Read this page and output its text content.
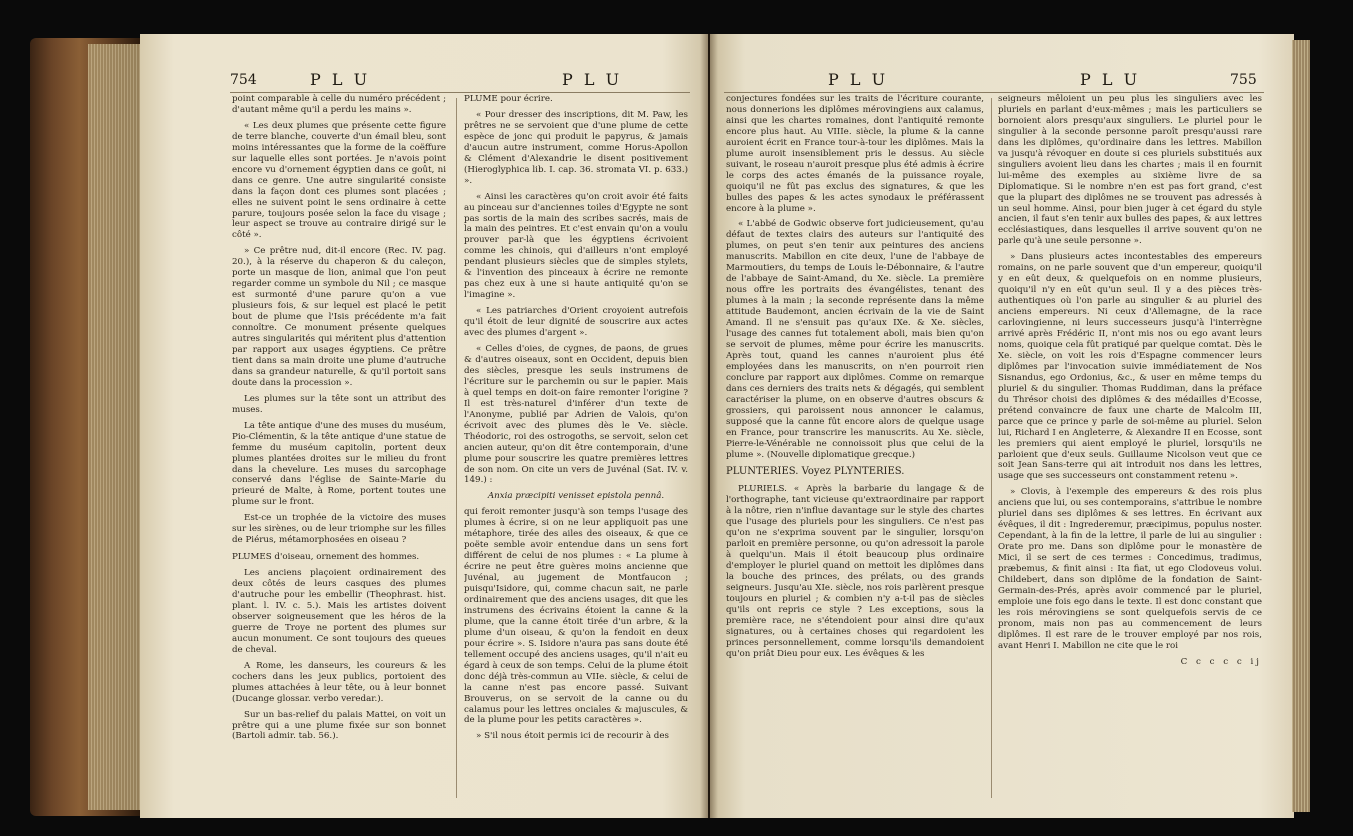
754	P L U	P L U

point comparable à celle du numéro précédent ; d'autant même qu'il a perdu les mains ».

« Les deux plumes que présente cette figure de terre blanche, couverte d'un émail bleu, sont moins intéressantes que la forme de la coëffure sur laquelle elles sont portées. Je n'avois point encore vu d'ornement égyptien dans ce goût, ni dans ce genre. Une autre singularité consiste dans la façon dont ces plumes sont placées ; elles ne suivent point le sens ordinaire à cette parure, toujours posée selon la face du visage ; leur aspect se trouve au contraire dirigé sur le côté ».

» Ce prêtre nud, dit-il encore (Rec. IV. pag. 20.), à la réserve du chaperon & du caleçon, porte un masque de lion, animal que l'on peut regarder comme un symbole du Nil ; ce masque est surmonté d'une parure qu'on a vue plusieurs fois, & sur lequel est placé le petit bout de plume que l'Isis précédente m'a fait connoître. Ce monument présente quelques autres singularités qui méritent plus d'attention par rapport aux usages égyptiens. Ce prêtre tient dans sa main droite une plume d'autruche dans sa grandeur naturelle, & qu'il portoit sans doute dans la procession ».

Les plumes sur la tête sont un attribut des muses.

La tête antique d'une des muses du muséum, Pio-Clémentin, & la tête antique d'une statue de femme du muséum capitolin, portent deux plumes plantées droites sur le milieu du front dans la chevelure. Les muses du sarcophage conservé dans l'église de Sainte-Marie du prieuré de Malte, à Rome, portent toutes une plume sur le front.

Est-ce un trophée de la victoire des muses sur les sirènes, ou de leur triomphe sur les filles de Piérus, métamorphosées en oiseau ?

PLUMES d'oiseau, ornement des hommes.

Les anciens plaçoient ordinairement des deux côtés de leurs casques des plumes d'autruche pour les embellir (Theophrast. hist. plant. l. IV. c. 5.). Mais les artistes doivent observer soigneusement que les héros de la guerre de Troye ne portent des plumes sur aucun monument. Ce sont toujours des queues de cheval.

A Rome, les danseurs, les coureurs & les cochers dans les jeux publics, portoient des plumes attachées à leur tête, ou à leur bonnet (Ducange glossar. verbo veredar.).

Sur un bas-relief du palais Mattei, on voit un prêtre qui a une plume fixée sur son bonnet (Bartoli admir. tab. 56.).

PLUME pour écrire.

« Pour dresser des inscriptions, dit M. Paw, les prêtres ne se servoient que d'une plume de cette espèce de jonc qui produit le papyrus, & jamais d'aucun autre instrument, comme Horus-Apollon & Clément d'Alexandrie le disent positivement (Hieroglyphica lib. I. cap. 36. stromata VI. p. 633.) ».

« Ainsi les caractères qu'on croit avoir été faits au pinceau sur d'anciennes toiles d'Egypte ne sont pas sortis de la main des scribes sacrés, mais de la main des peintres. Et c'est envain qu'on a voulu prouver par-là que les égyptiens écrivoient comme les chinois, qui d'ailleurs n'ont employé pendant plusieurs siècles que de simples stylets, & l'invention des pinceaux à écrire ne remonte pas chez eux à une si haute antiquité qu'on se l'imagine ».

« Les patriarches d'Orient croyoient autrefois qu'il étoit de leur dignité de souscrire aux actes avec des plumes d'argent ».

« Celles d'oies, de cygnes, de paons, de grues & d'autres oiseaux, sont en Occident, depuis bien des siècles, presque les seuls instrumens de l'écriture sur le parchemin ou sur le papier. Mais à quel temps en doit-on faire remonter l'origine ? Il est très-naturel d'inférer d'un texte de l'Anonyme, publié par Adrien de Valois, qu'on écrivoit avec des plumes dès le Ve. siècle. Théodoric, roi des ostrogoths, se servoit, selon cet ancien auteur, qu'on dit être contemporain, d'une plume pour souscrire les quatre premières lettres de son nom. On cite un vers de Juvénal (Sat. IV. v. 149.) :

Anxia præcipiti venisset epistola pennâ.

qui feroit remonter jusqu'à son temps l'usage des plumes à écrire, si on ne leur appliquoit pas une métaphore, tirée des ailes des oiseaux, & que ce poëte semble avoir entendue dans un sens fort différent de celui de nos plumes : « La plume à écrire ne peut être guères moins ancienne que Juvénal, au jugement de Montfaucon ; puisqu'Isidore, qui, comme chacun sait, ne parle ordinairement que des anciens usages, dit que les instrumens des écrivains étoient la canne & la plume, que la canne étoit tirée d'un arbre, & la plume d'un oiseau, & qu'on la fendoit en deux pour écrire ». S. Isidore n'aura pas sans doute été tellement occupé des anciens usages, qu'il n'ait eu égard à ceux de son temps. Celui de la plume étoit donc déjà très-commun au VIIe. siècle, & celui de la canne n'est pas encore passé. Suivant Brouverus, on se servoit de la canne ou du calamus pour les lettres onciales & majuscules, & de la plume pour les petits caractères ».

» S'il nous étoit permis ici de recourir à des

P L U	P L U	755

conjectures fondées sur les traits de l'écriture courante, nous donnerions les diplômes mérovingiens aux calamus, ainsi que les chartes romaines, dont l'antiquité remonte encore plus haut. Au VIIIe. siècle, la plume & la canne auroient écrit en France tour-à-tour les diplômes. Mais la plume auroit insensiblement pris le dessus. Au siècle suivant, le roseau n'auroit presque plus été admis à écrire le corps des actes émanés de la puissance royale, quoiqu'il ne fût pas exclus des signatures, & que les bulles des papes & les actes synodaux le préférassent encore à la plume ».

« L'abbé de Godwic observe fort judicieusement, qu'au défaut de textes clairs des auteurs sur l'antiquité des plumes, on peut s'en tenir aux peintures des anciens manuscrits. Mabillon en cite deux, l'une de l'abbaye de Marmoutiers, du temps de Louis le-Débonnaire, & l'autre de l'abbaye de Saint-Amand, du Xe. siècle. La première nous offre les portraits des évangélistes, tenant des plumes à la main ; la seconde représente dans la même attitude Baudemont, ancien écrivain de la vie de Saint Amand. Il ne s'ensuit pas qu'aux IXe. & Xe. siècles, l'usage des cannes fut totalement aboli, mais bien qu'on se servoit de plumes, même pour écrire les manuscrits. Après tout, quand les cannes n'auroient plus été employées dans les manuscrits, on n'en pourroit rien conclure par rapport aux diplômes. Comme on remarque dans ces derniers des traits nets & dégagés, qui semblent caractériser la plume, on en observe d'autres obscurs & grossiers, qui paroissent nous annoncer le calamus, supposé que la canne fût encore alors de quelque usage en France, pour transcrire les manuscrits. Au Xe. siècle, Pierre-le-Vénérable ne connoissoit plus que celui de la plume ». (Nouvelle diplomatique grecque.)

PLUNTERIES. Voyez PLYNTERIES.

PLURIELS. « Après la barbarie du langage & de l'orthographe, tant vicieuse qu'extraordinaire par rapport à la nôtre, rien n'influe davantage sur le style des chartes que l'usage des pluriels pour les singuliers. Ce n'est pas qu'on ne s'exprima souvent par le singulier, lorsqu'on parloit en première personne, ou qu'on adressoit la parole à quelqu'un. Mais il étoit beaucoup plus ordinaire d'employer le pluriel quand on mettoit les diplômes dans la bouche des princes, des prélats, ou des grands seigneurs. Jusqu'au XIe. siècle, nos rois parlèrent presque toujours en pluriel ; & combien n'y a-t-il pas de siècles qu'ils ont repris ce style ? Les exceptions, sous la première race, ne s'étendoient pour ainsi dire qu'aux signatures, ou à certaines choses qui regardoient les princes personnellement, comme lorsqu'ils demandoient qu'on priât Dieu pour eux. Les évêques & les

seigneurs mêloient un peu plus les singuliers avec les pluriels en parlant d'eux-mêmes ; mais les particuliers se bornoient alors presqu'aux singuliers. Le pluriel pour le singulier à la seconde personne paroît presqu'aussi rare dans les diplômes, qu'ordinaire dans les lettres. Mabillon va jusqu'à révoquer en doute si ces pluriels substitués aux singuliers avoient lieu dans les chartes ; mais il en fournit lui-même des exemples au sixième livre de sa Diplomatique. Si le nombre n'en est pas fort grand, c'est que la plupart des diplômes ne se trouvent pas adressés à un seul homme. Ainsi, pour bien juger à cet égard du style ancien, il faut s'en tenir aux bulles des papes, & aux lettres ecclésiastiques, dans lesquelles il arrive souvent qu'on ne parle qu'à une seule personne ».

» Dans plusieurs actes incontestables des empereurs romains, on ne parle souvent que d'un empereur, quoiqu'il y en eût deux, & quelquefois on en nomme plusieurs, quoiqu'il n'y en eût qu'un seul. Il y a des pièces très-authentiques où l'on parle au singulier & au pluriel des anciens empereurs. Ni ceux d'Allemagne, de la race carlovingienne, ni leurs successeurs jusqu'à l'interrègne arrivé après Frédéric II, n'ont mis nos ou ego avant leurs noms, quoique cela fût pratiqué par quelque comtat. Dès le Xe. siècle, on voit les rois d'Espagne commencer leurs diplômes par l'invocation suivie immédiatement de Nos Sisnandus, ego Ordonius, &c., & user en même temps du pluriel & du singulier. Thomas Ruddiman, dans la préface du Thrésor choisi des diplômes & des médailles d'Ecosse, prétend convaincre de faux une charte de Malcolm III, parce que ce prince y parle de soi-même au pluriel. Selon lui, Richard I en Angleterre, & Alexandre II en Ecosse, sont les premiers qui aient employé le pluriel, lorsqu'ils ne parloient que d'eux seuls. Guillaume Nicolson veut que ce soit Jean Sans-terre qui ait introduit nos dans les lettres, usage que ses successeurs ont constamment retenu ».

» Clovis, à l'exemple des empereurs & des rois plus anciens que lui, ou ses contemporains, s'attribue le nombre pluriel dans ses diplômes & ses lettres. En écrivant aux évêques, il dit : Ingrederemur, præcipimus, populus noster. Cependant, à la fin de la lettre, il parle de lui au singulier : Orate pro me. Dans son diplôme pour le monastère de Mici, il se sert de ces termes : Concedimus, tradimus, præbemus, & finit ainsi : Ita fiat, ut ego Clodoveus volui. Childebert, dans son diplôme de la fondation de Saint-Germain-des-Prés, après avoir commencé par le pluriel, emploie une fois ego dans le texte. Il est donc constant que les rois mérovingiens se sont quelquefois servis de ce pronom, mais non pas au commencement de leurs diplômes. Il est rare de le trouver employé par nos rois, avant Henri I. Mabillon ne cite que le roi

C c c c c ij
